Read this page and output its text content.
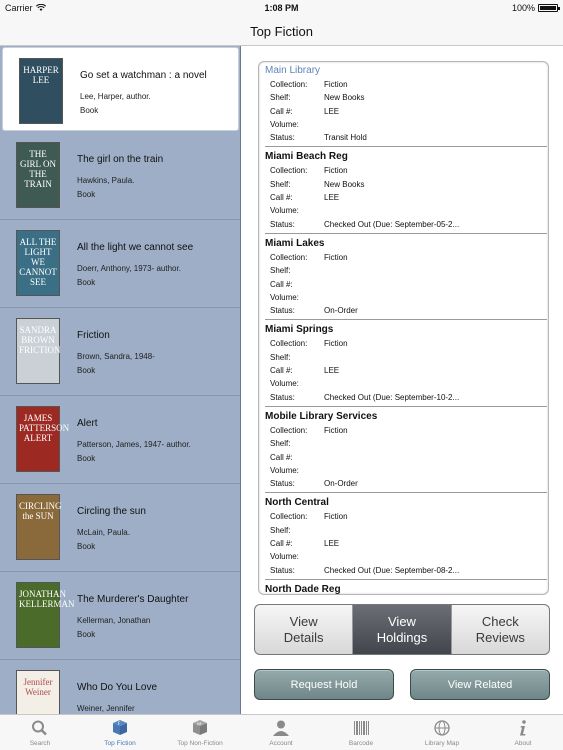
Carrier	1:08 PM	100%
Top Fiction
HARPER LEE	Go set a watchman : a novel
Lee, Harper, author.
Book
THE GIRL ON THE TRAIN
The girl on the train
Hawkins, Paula.
Book
ALL THE LIGHT WE CANNOT SEE
All the light we cannot see
Doerr, Anthony, 1973- author.
Book
SANDRA BROWN FRICTION
Friction
Brown, Sandra, 1948-
Book
JAMES PATTERSON ALERT
Alert
Patterson, James, 1947- author.
Book
CIRCLING the SUN	Circling the sun
McLain, Paula.
Book
JONATHAN KELLERMAN The Murderer's Daughter
Kellerman, Jonathan
Book
Jennifer Weiner	Who Do You Love
Weiner, Jennifer
Main Library
Collection:	Fiction
Shelf:	New Books
Call #:	LEE
Volume:
Status:	Transit Hold
Miami Beach Reg
Collection:	Fiction
Shelf:	New Books
Call #:	LEE
Volume:
Status:	Checked Out (Due: September-05-2...
Miami Lakes
Collection:	Fiction
Shelf:
Call #:
Volume:
Status:	On-Order
Miami Springs
Collection:	Fiction
Shelf:
Call #:	LEE
Volume:
Status:	Checked Out (Due: September-10-2...
Mobile Library Services
Collection:	Fiction
Shelf:
Call #:
Volume:
Status:	On-Order
North Central
Collection:	Fiction
Shelf:
Call #:	LEE
Volume:
Status:	Checked Out (Due: September-08-2...
North Dade Reg
View
Details
View
Holdings
Check
Reviews
Request Hold	View Related
Search
F
Top Fiction
NF
Top Non-Fiction	Account	Barcode	Library Map	About
